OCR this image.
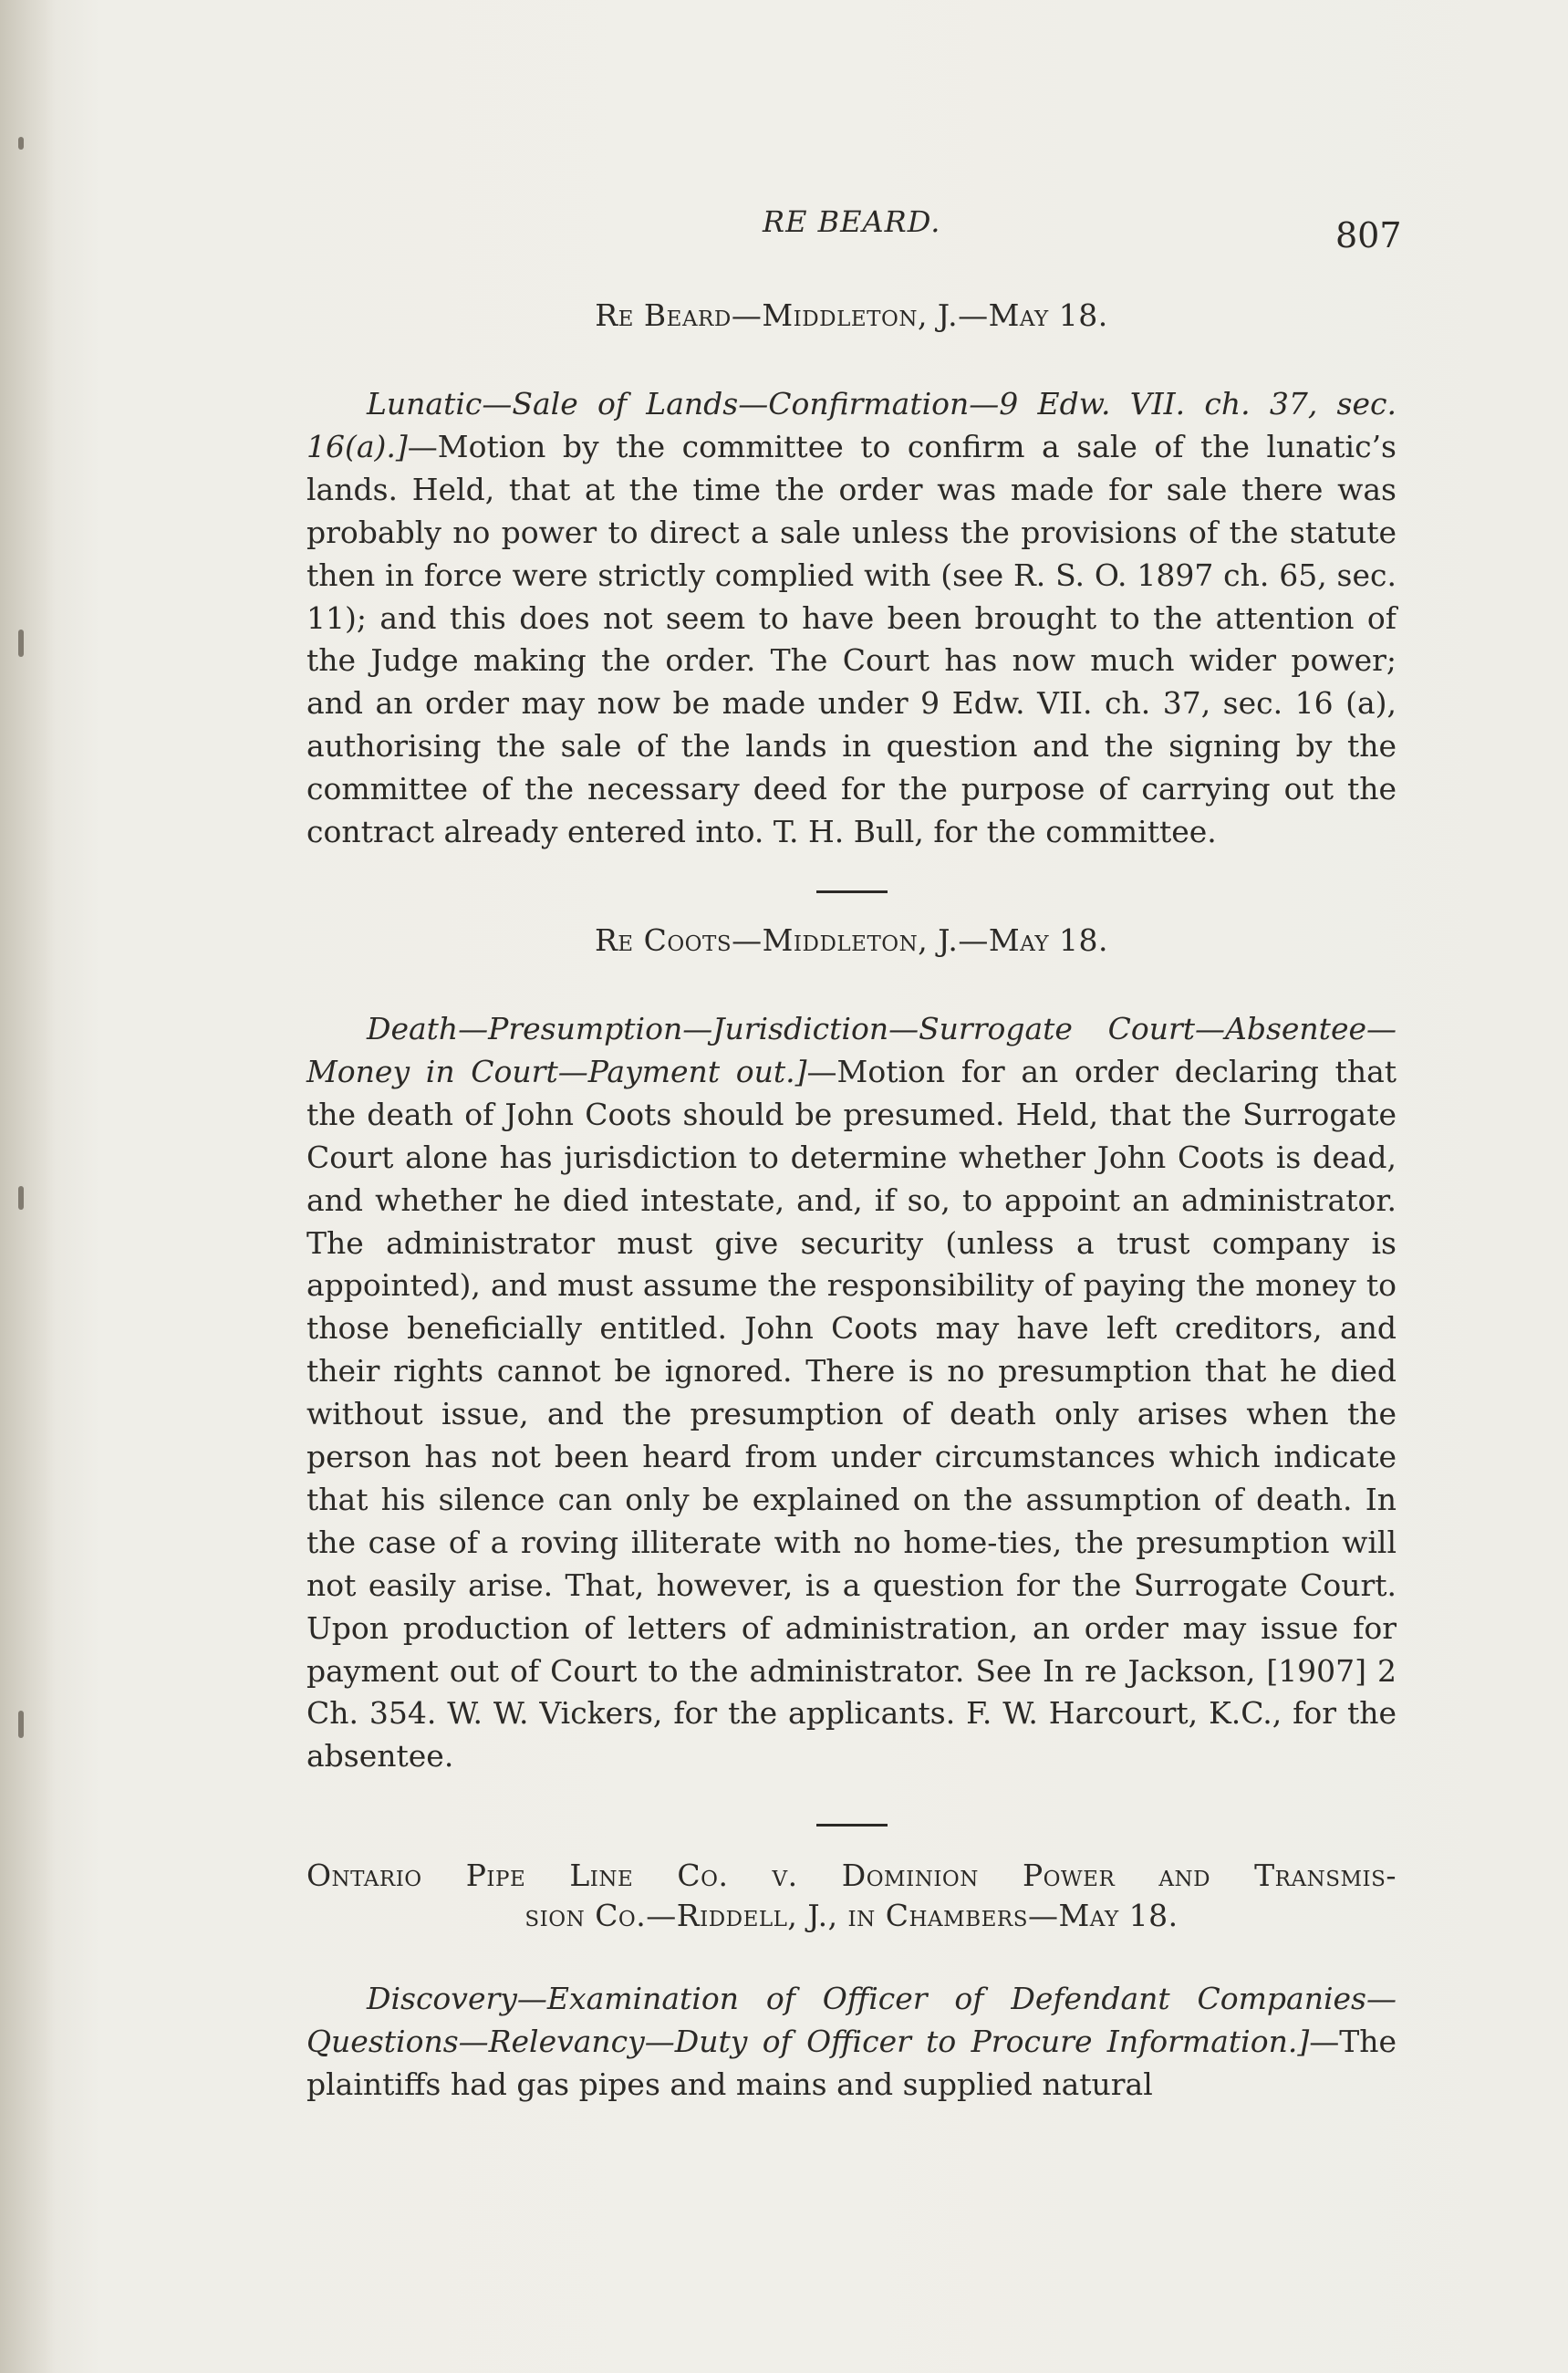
RE BEARD.	807

Re Beard—Middleton, J.—May 18.

Lunatic—Sale of Lands—Confirmation—9 Edw. VII. ch. 37, sec. 16(a).]—Motion by the committee to confirm a sale of the lunatic’s lands. Held, that at the time the order was made for sale there was probably no power to direct a sale unless the provisions of the statute then in force were strictly complied with (see R. S. O. 1897 ch. 65, sec. 11); and this does not seem to have been brought to the attention of the Judge making the order. The Court has now much wider power; and an order may now be made under 9 Edw. VII. ch. 37, sec. 16 (a), authorising the sale of the lands in question and the signing by the committee of the necessary deed for the purpose of carrying out the contract already entered into. T. H. Bull, for the committee.

Re Coots—Middleton, J.—May 18.

Death—Presumption—Jurisdiction—Surrogate Court—Absentee—Money in Court—Payment out.]—Motion for an order declaring that the death of John Coots should be presumed. Held, that the Surrogate Court alone has jurisdiction to determine whether John Coots is dead, and whether he died intestate, and, if so, to appoint an administrator. The administrator must give security (unless a trust company is appointed), and must assume the responsibility of paying the money to those beneficially entitled. John Coots may have left creditors, and their rights cannot be ignored. There is no presumption that he died without issue, and the presumption of death only arises when the person has not been heard from under circumstances which indicate that his silence can only be explained on the assumption of death. In the case of a roving illiterate with no home-ties, the presumption will not easily arise. That, however, is a question for the Surrogate Court. Upon production of letters of administration, an order may issue for payment out of Court to the administrator. See In re Jackson, [1907] 2 Ch. 354. W. W. Vickers, for the applicants. F. W. Harcourt, K.C., for the absentee.

Ontario Pipe Line Co. v. Dominion Power and Transmis-

sion Co.—Riddell, J., in Chambers—May 18.

Discovery—Examination of Officer of Defendant Companies—Questions—Relevancy—Duty of Officer to Procure Information.]—The plaintiffs had gas pipes and mains and supplied natural
